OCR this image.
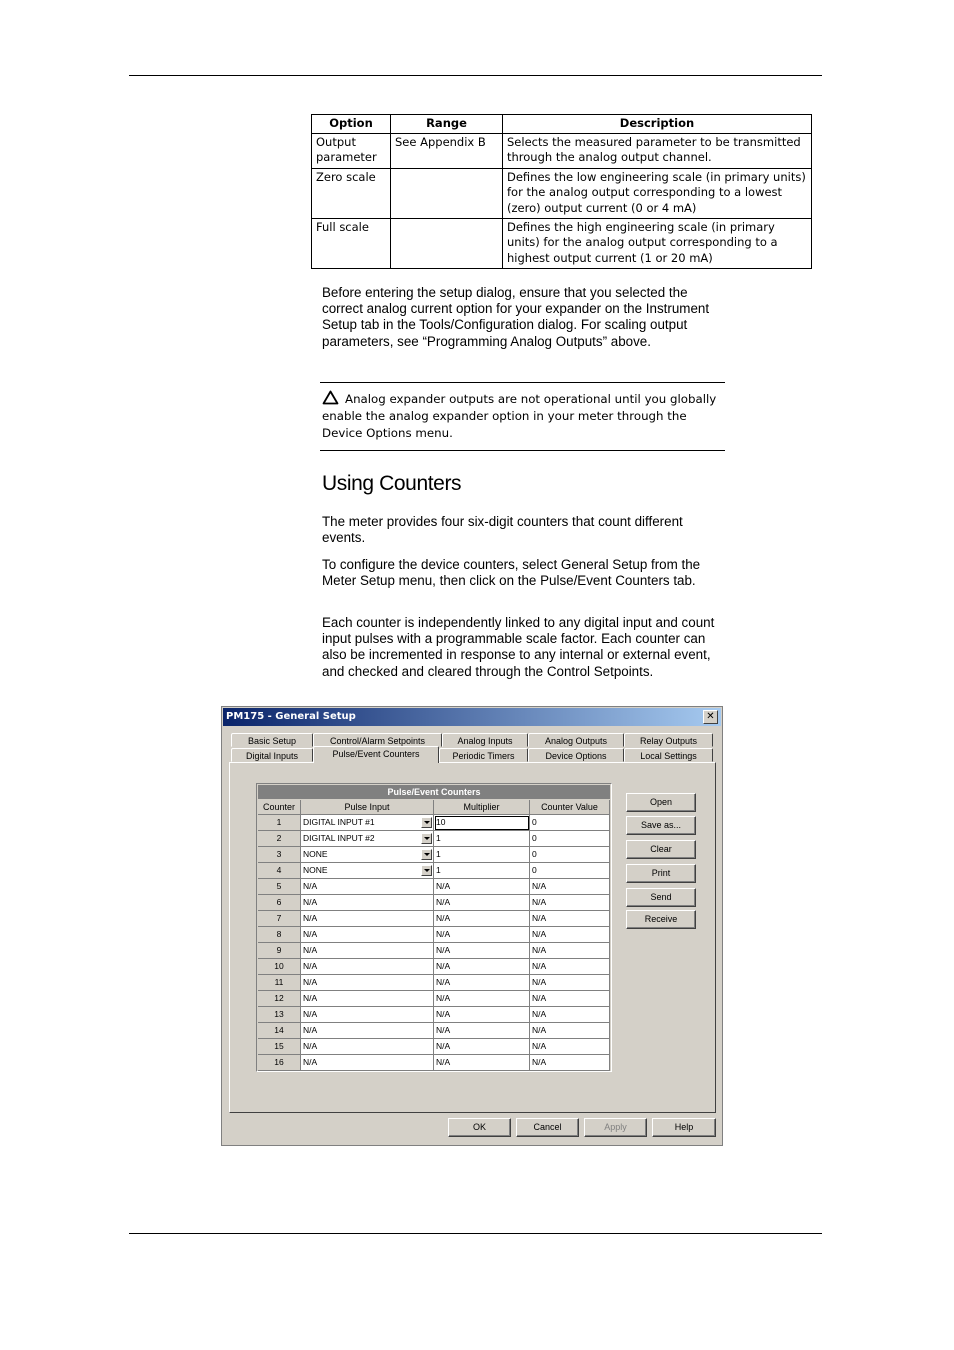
Option	Range	Description
Output parameter	See Appendix B	Selects the measured parameter to be transmitted through the analog output channel.
Zero scale		Defines the low engineering scale (in primary units) for the analog output corresponding to a lowest (zero) output current (0 or 4 mA)
Full scale		Defines the high engineering scale (in primary units) for the analog output corresponding to a highest output current (1 or 20 mA)

Before entering the setup dialog, ensure that you selected the correct analog current option for your expander on the Instrument Setup tab in the Tools/Configuration dialog. For scaling output parameters, see “Programming Analog Outputs” above.

Analog expander outputs are not operational until you globally enable the analog expander option in your meter through the Device Options menu.
Using Counters

The meter provides four six-digit counters that count different events.

To configure the device counters, select General Setup from the Meter Setup menu, then click on the Pulse/Event Counters tab.

Each counter is independently linked to any digital input and count input pulses with a programmable scale factor. Each counter can also be incremented in response to any internal or external event, and checked and cleared through the Control Setpoints.

PM175 - General Setup	✕
Basic Setup	Control/Alarm Setpoints	Analog Inputs	Analog Outputs	Relay Outputs
Digital Inputs	Pulse/Event Counters	Periodic Timers	Device Options	Local Settings
Pulse/Event Counters
Counter	Pulse Input	Multiplier	Counter Value
1	DIGITAL INPUT #1	10	0
2	DIGITAL INPUT #2	1	0
3	NONE	1	0
4	NONE	1	0
5	N/A	N/A	N/A
6	N/A	N/A	N/A
7	N/A	N/A	N/A
8	N/A	N/A	N/A
9	N/A	N/A	N/A
10	N/A	N/A	N/A
11	N/A	N/A	N/A
12	N/A	N/A	N/A
13	N/A	N/A	N/A
14	N/A	N/A	N/A
15	N/A	N/A	N/A
16	N/A	N/A	N/A
Open
Save as...
Clear
Print
Send
Receive
OK	Cancel	Apply	Help
